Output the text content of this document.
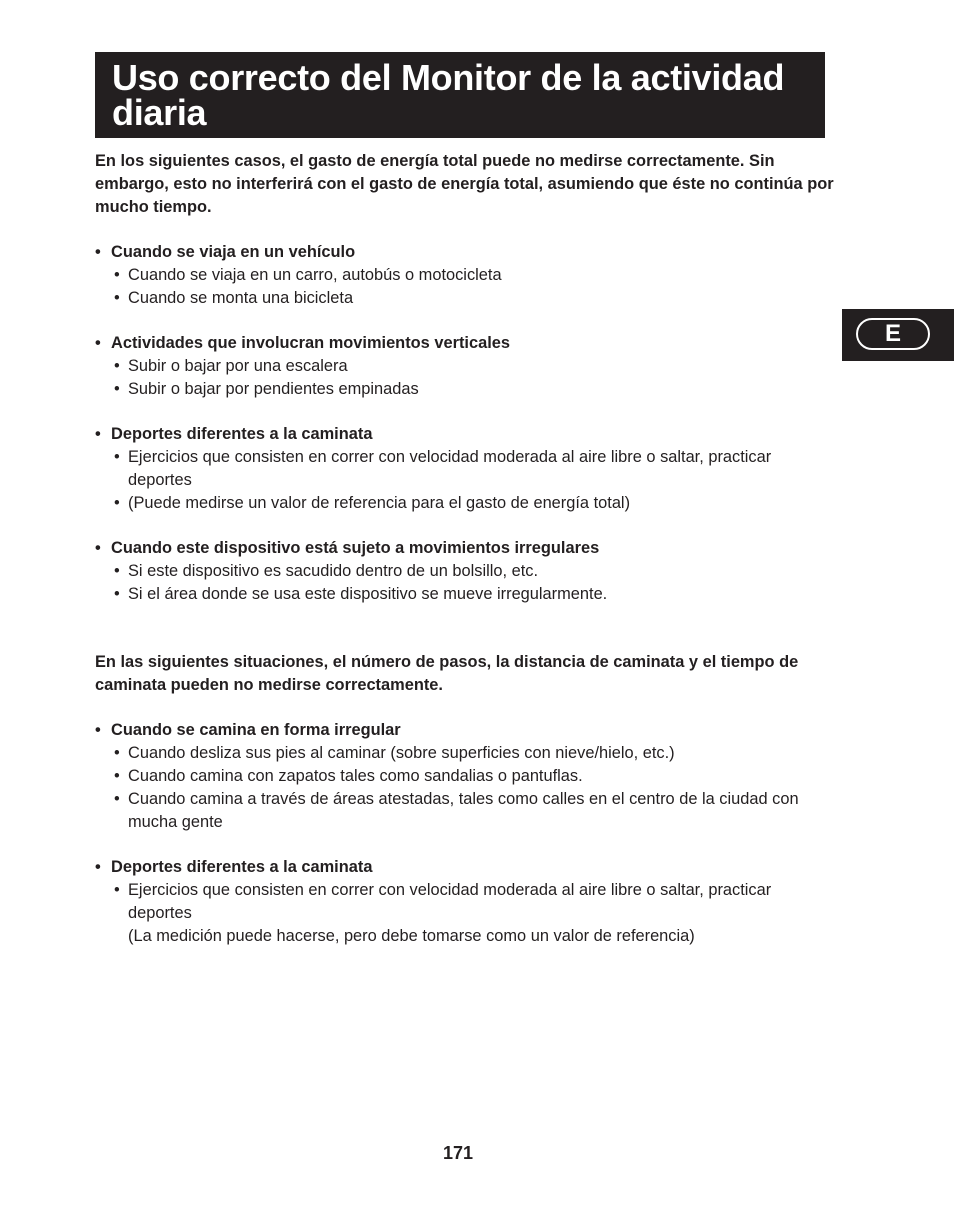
Uso correcto del Monitor de la actividad diaria
E

En los siguientes casos, el gasto de energía total puede no medirse correctamente. Sin embargo, esto no interferirá con el gasto de energía total, asumiendo que éste no continúa por mucho tiempo.

• Cuando se viaja en un vehículo

• Cuando se viaja en un carro, autobús o motocicleta

• Cuando se monta una bicicleta

• Actividades que involucran movimientos verticales

• Subir o bajar por una escalera

• Subir o bajar por pendientes empinadas

• Deportes diferentes a la caminata

• Ejercicios que consisten en correr con velocidad moderada al aire libre o saltar, practicar deportes

• (Puede medirse un valor de referencia para el gasto de energía total)

• Cuando este dispositivo está sujeto a movimientos irregulares

• Si este dispositivo es sacudido dentro de un bolsillo, etc.

• Si el área donde se usa este dispositivo se mueve irregularmente.

En las siguientes situaciones, el número de pasos, la distancia de caminata y el tiempo de caminata pueden no medirse correctamente.

• Cuando se camina en forma irregular

• Cuando desliza sus pies al caminar (sobre superficies con nieve/hielo, etc.)

• Cuando camina con zapatos tales como sandalias o pantuflas.

• Cuando camina a través de áreas atestadas, tales como calles en el centro de la ciudad con mucha gente

• Deportes diferentes a la caminata

• Ejercicios que consisten en correr con velocidad moderada al aire libre o saltar, practicar deportes

(La medición puede hacerse, pero debe tomarse como un valor de referencia)

171
